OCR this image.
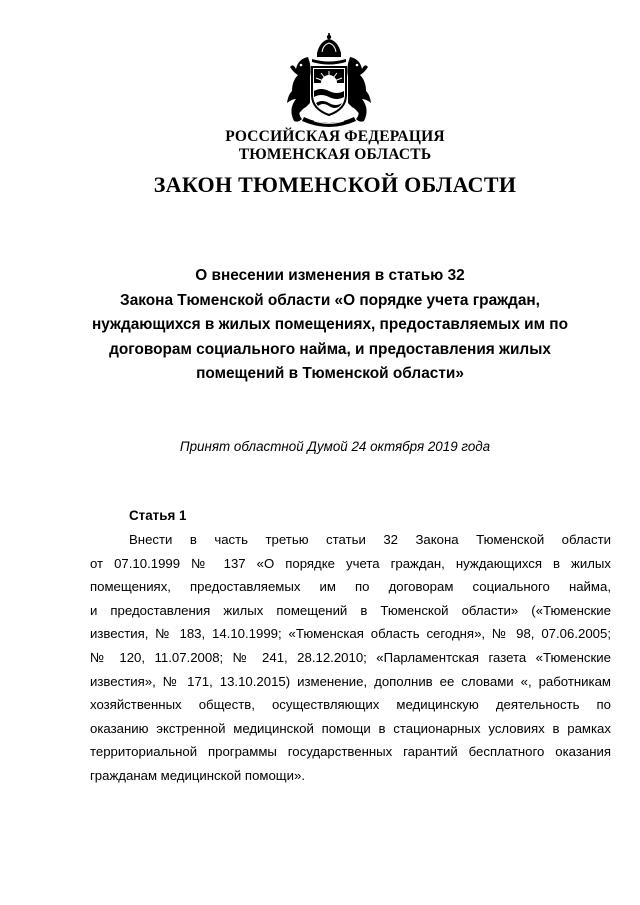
РОССИЙСКАЯ ФЕДЕРАЦИЯ
ТЮМЕНСКАЯ ОБЛАСТЬ
ЗАКОН ТЮМЕНСКОЙ ОБЛАСТИ
О внесении изменения в статью 32
Закона Тюменской области «О порядке учета граждан,
нуждающихся в жилых помещениях, предоставляемых им по
договорам социального найма, и предоставления жилых
помещений в Тюменской области»
Принят областной Думой 24 октября 2019 года
Статья 1
Внести в часть третью статьи 32 Закона Тюменской области
от 07.10.1999 № 137 «О порядке учета граждан, нуждающихся в жилых
помещениях, предоставляемых им по договорам социального найма,
и предоставления жилых помещений в Тюменской области» («Тюменские
известия, № 183, 14.10.1999; «Тюменская область сегодня», № 98, 07.06.2005;
№ 120, 11.07.2008; № 241, 28.12.2010; «Парламентская газета «Тюменские
известия», № 171, 13.10.2015) изменение, дополнив ее словами «, работникам
хозяйственных обществ, осуществляющих медицинскую деятельность по
оказанию экстренной медицинской помощи в стационарных условиях в рамках
территориальной программы государственных гарантий бесплатного оказания
гражданам медицинской помощи».
